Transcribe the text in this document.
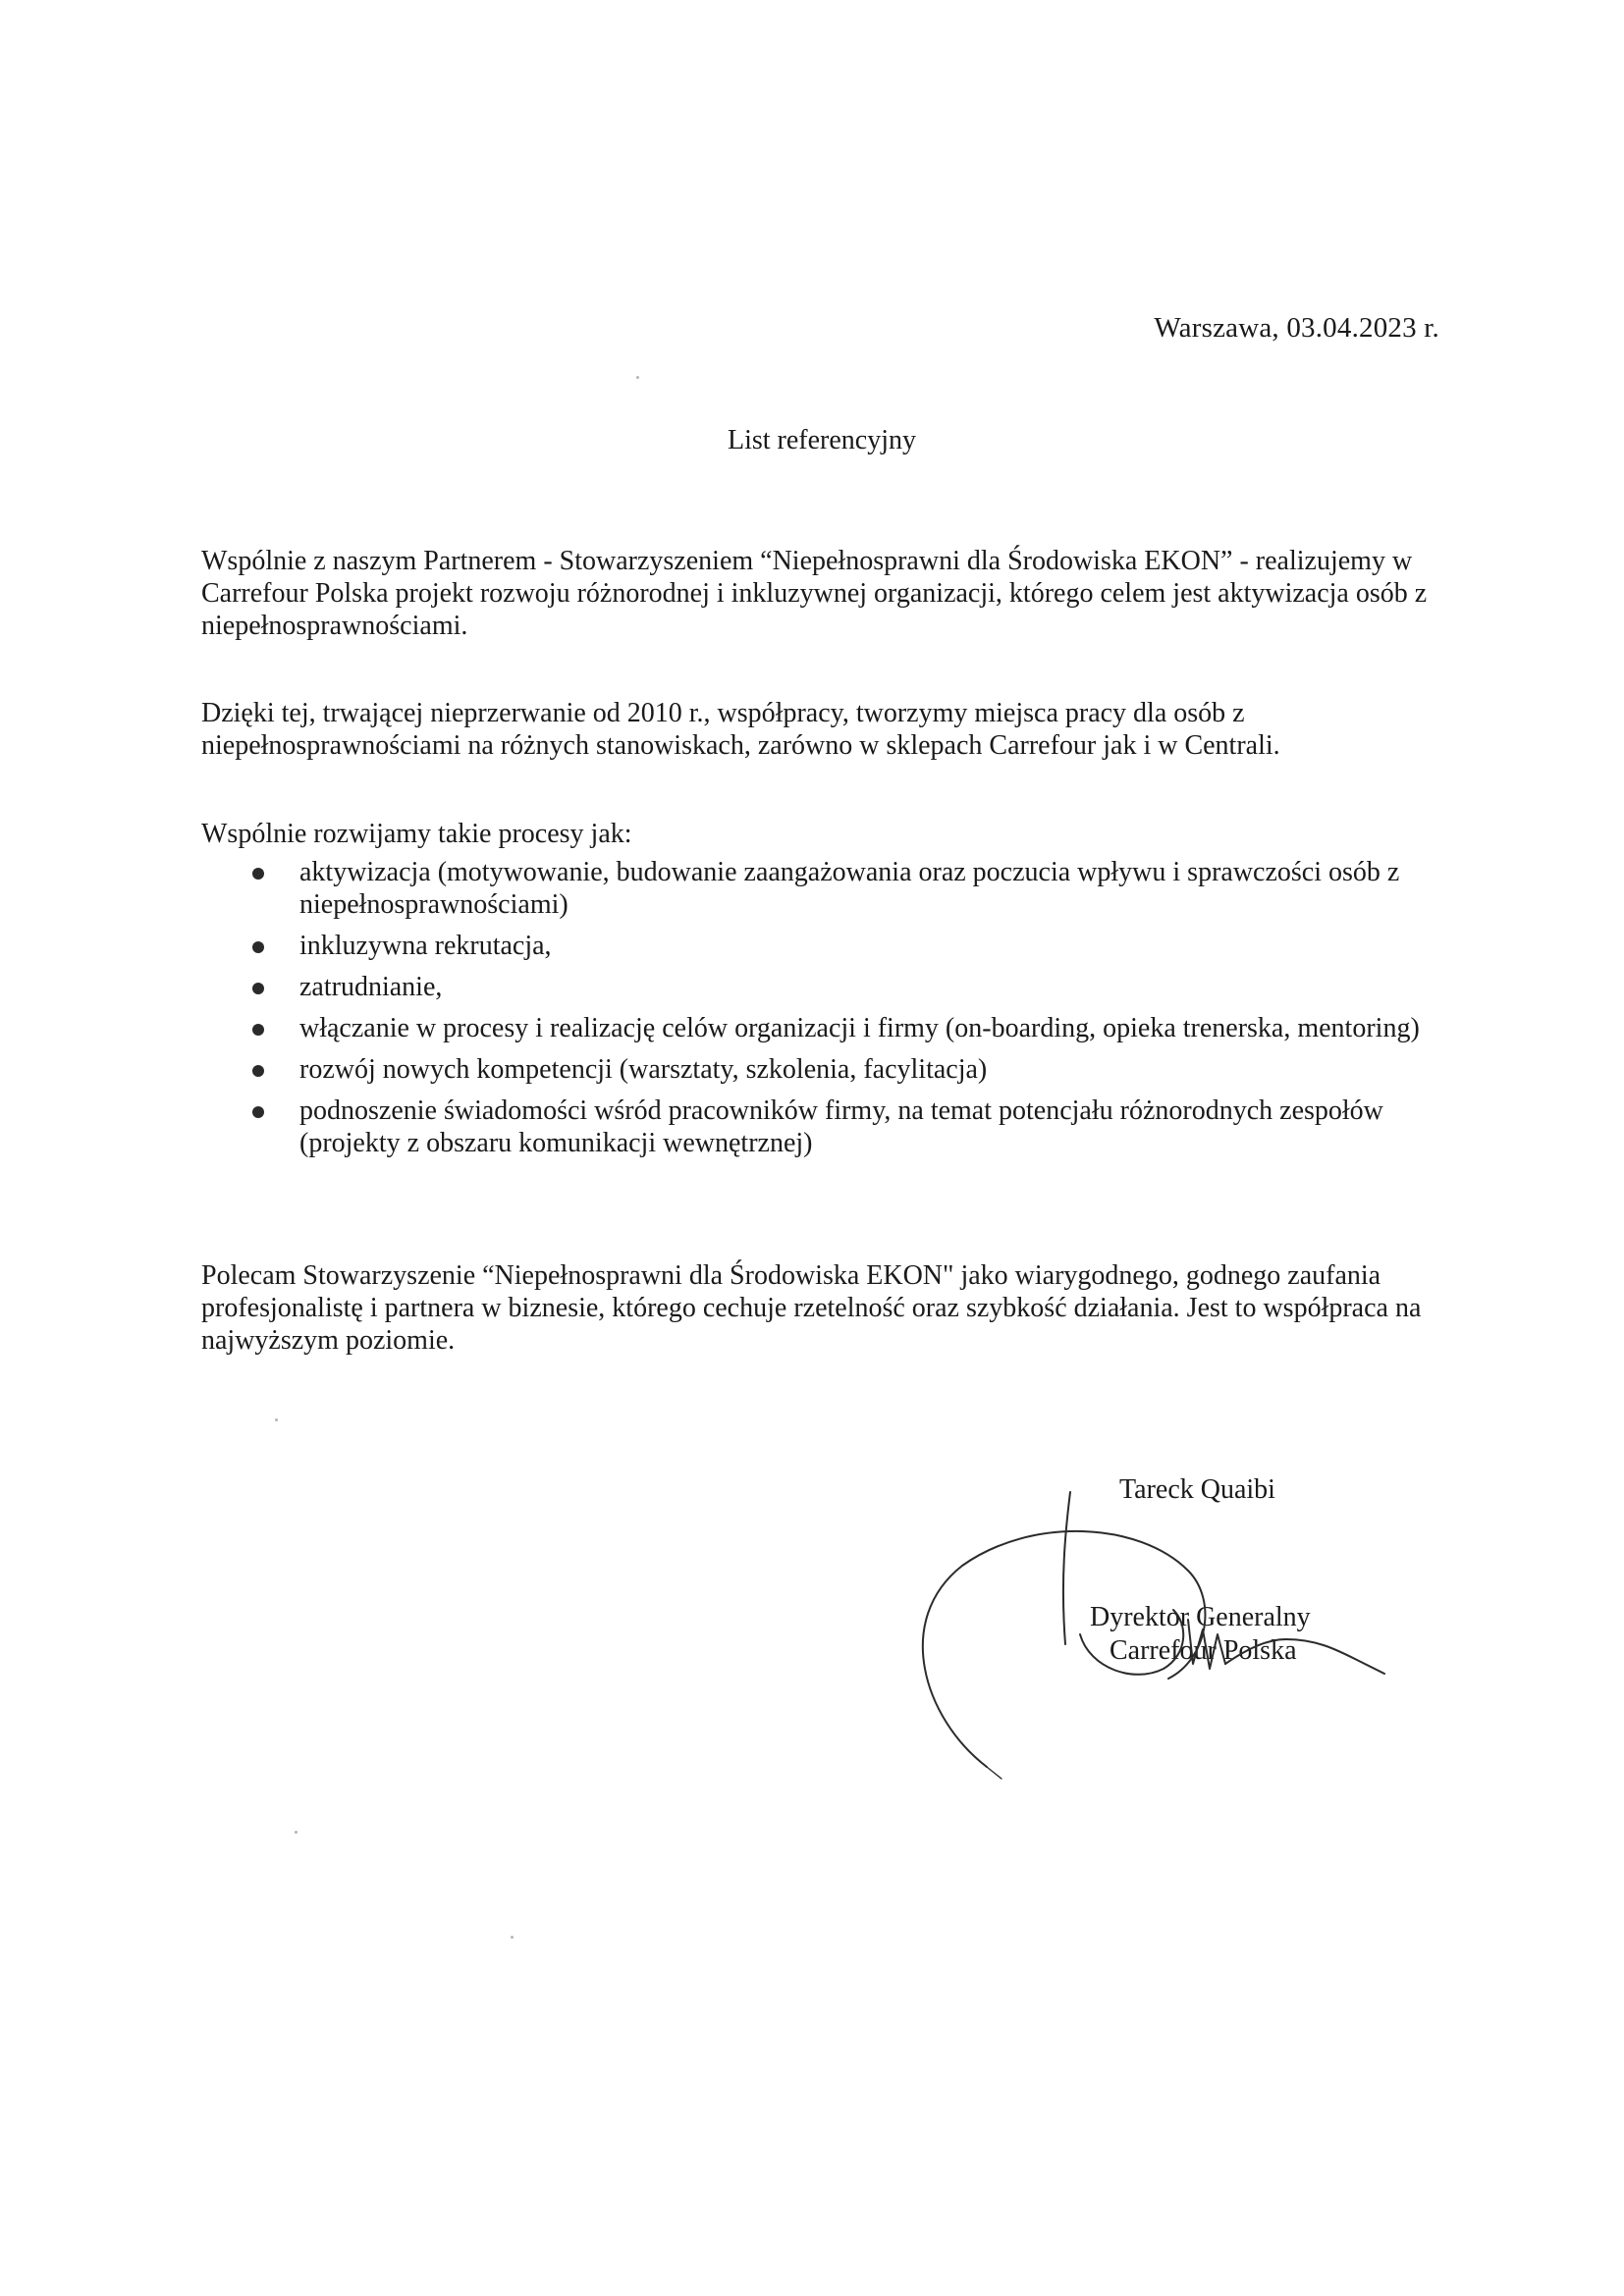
Warszawa, 03.04.2023 r.
List referencyjny

Wspólnie z naszym Partnerem - Stowarzyszeniem “Niepełnosprawni dla Środowiska EKON” - realizujemy w Carrefour Polska projekt rozwoju różnorodnej i inkluzywnej organizacji, którego celem jest aktywizacja osób z niepełnosprawnościami.

Dzięki tej, trwającej nieprzerwanie od 2010 r., współpracy, tworzymy miejsca pracy dla osób z niepełnosprawnościami na różnych stanowiskach, zarówno w sklepach Carrefour jak i w Centrali.

Wspólnie rozwijamy takie procesy jak:

aktywizacja (motywowanie, budowanie zaangażowania oraz poczucia wpływu i sprawczości osób z niepełnosprawnościami)
inkluzywna rekrutacja,
zatrudnianie,
włączanie w procesy i realizację celów organizacji i firmy (on-boarding, opieka trenerska, mentoring)
rozwój nowych kompetencji (warsztaty, szkolenia, facylitacja)
podnoszenie świadomości wśród pracowników firmy, na temat potencjału różnorodnych zespołów (projekty z obszaru komunikacji wewnętrznej)

Polecam Stowarzyszenie “Niepełnosprawni dla Środowiska EKON" jako wiarygodnego, godnego zaufania profesjonalistę i partnera w biznesie, którego cechuje rzetelność oraz szybkość działania. Jest to współpraca na najwyższym poziomie.

Tareck Quaibi
Dyrektor Generalny
Carrefour Polska
